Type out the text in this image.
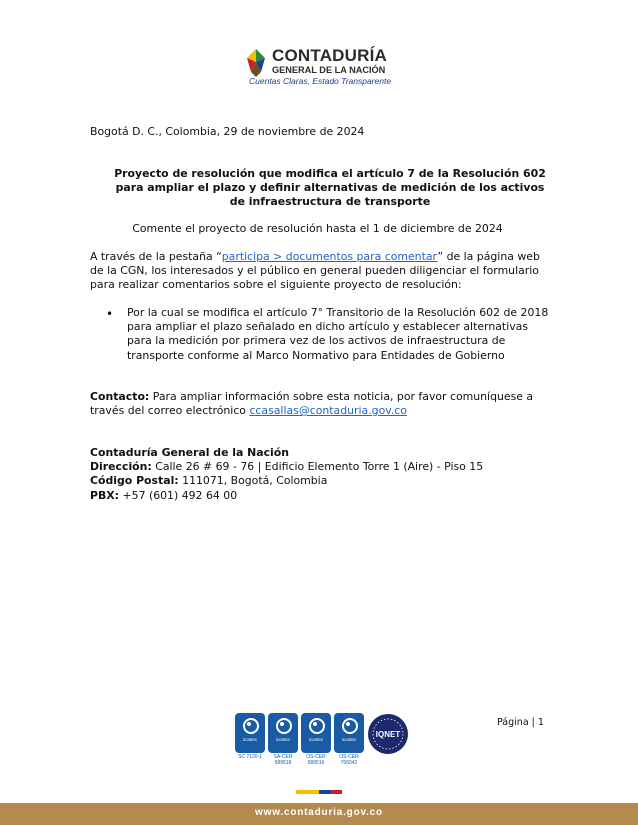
CONTADURÍA
GENERAL DE LA NACIÓN
Cuentas Claras, Estado Transparente
Bogotá D. C., Colombia, 29 de noviembre de 2024
Proyecto de resolución que modifica el artículo 7 de la Resolución 602 para ampliar el plazo y definir alternativas de medición de los activos de infraestructura de transporte
Comente el proyecto de resolución hasta el 1 de diciembre de 2024
A través de la pestaña “participa > documentos para comentar” de la página web de la CGN, los interesados y el público en general pueden diligenciar el formulario para realizar comentarios sobre el siguiente proyecto de resolución:
•	Por la cual se modifica el artículo 7° Transitorio de la Resolución 602 de 2018 para ampliar el plazo señalado en dicho artículo y establecer alternativas para la medición por primera vez de los activos de infraestructura de transporte conforme al Marco Normativo para Entidades de Gobierno
Contacto: Para ampliar información sobre esta noticia, por favor comuníquese a través del correo electrónico ccasallas@contaduria.gov.co
Contaduría General de la Nación
Dirección: Calle 26 # 69 - 76 | Edificio Elemento Torre 1 (Aire) - Piso 15
Código Postal: 111071, Bogotá, Colombia
PBX: +57 (601) 492 64 00
icontec
SC 7120-1
icontec
SA-CER 589518
icontec
OS-CER 589516
icontec
OS-CER 766042
IQNET
Página | 1
www.contaduria.gov.co
